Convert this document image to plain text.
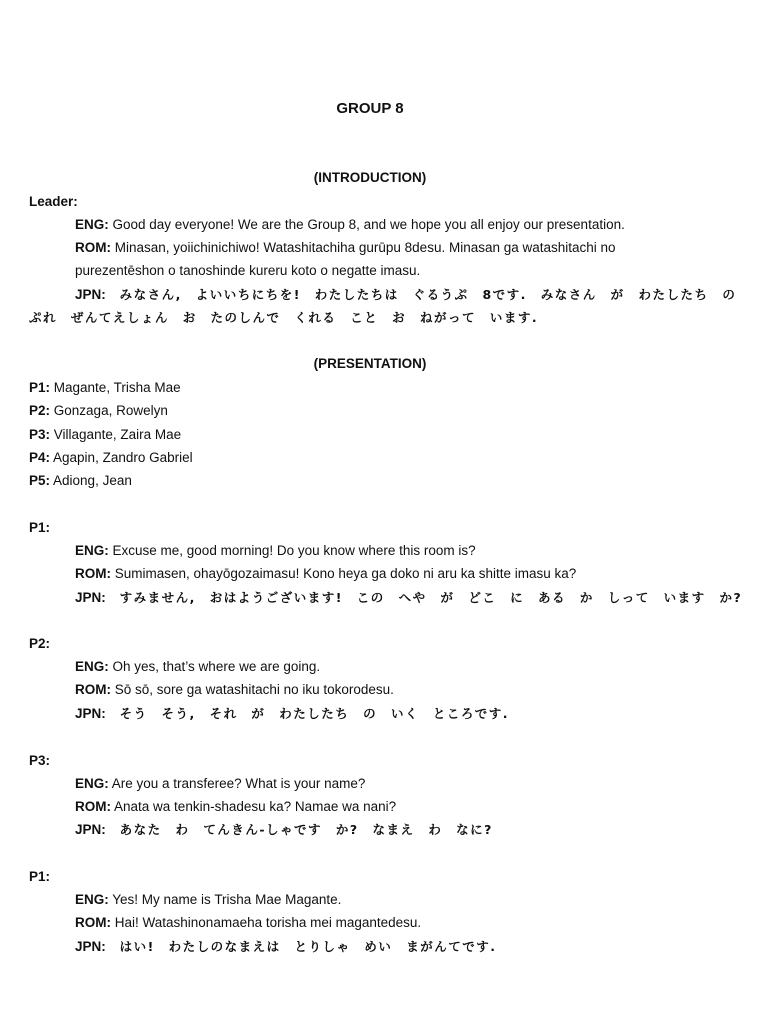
GROUP 8
(INTRODUCTION)
Leader:
ENG: Good day everyone! We are the Group 8, and we hope you all enjoy our presentation.
ROM: Minasan, yoiichinichiwo! Watashitachiha gurūpu 8desu. Minasan ga watashitachi no
purezentēshon o tanoshinde kureru koto o negatte imasu.
JPN: みなさん, よいいちにちを! わたしたちは ぐるうぷ 8です. みなさん が わたしたち の
ぷれ ぜんてえしょん お たのしんで くれる こと お ねがって います.
(PRESENTATION)
P1: Magante, Trisha Mae
P2: Gonzaga, Rowelyn
P3: Villagante, Zaira Mae
P4: Agapin, Zandro Gabriel
P5: Adiong, Jean
P1:
ENG: Excuse me, good morning! Do you know where this room is?
ROM: Sumimasen, ohayōgozaimasu! Kono heya ga doko ni aru ka shitte imasu ka?
JPN: すみません, おはようございます! この へや が どこ に ある か しって います か?
P2:
ENG: Oh yes, that’s where we are going.
ROM: Sō sō, sore ga watashitachi no iku tokorodesu.
JPN: そう そう, それ が わたしたち の いく ところです.
P3:
ENG: Are you a transferee? What is your name?
ROM: Anata wa tenkin-shadesu ka? Namae wa nani?
JPN: あなた わ てんきん-しゃです か? なまえ わ なに?
P1:
ENG: Yes! My name is Trisha Mae Magante.
ROM: Hai! Watashinonamaeha torisha mei magantedesu.
JPN: はい! わたしのなまえは とりしゃ めい まがんてです.
